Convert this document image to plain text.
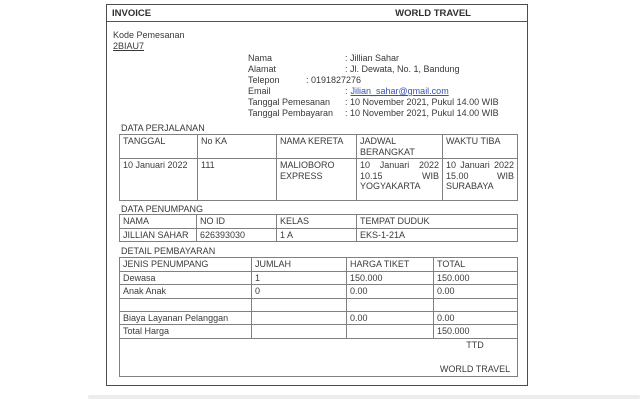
INVOICE	WORLD TRAVEL
Kode Pemesanan
2BIAU7
Nama	: Jillian Sahar
Alamat	: Jl. Dewata, No. 1, Bandung
Telepon	: 0191827276
Email	: Jilian_sahar@gmail.com
Tanggal Pemesanan : 10 November 2021, Pukul 14.00 WIB
Tanggal Pembayaran : 10 November 2021, Pukul 14.00 WIB
DATA PERJALANAN
TANGGAL	No KA	NAMA KERETA	JADWAL BERANGKAT	WAKTU TIBA
10 Januari 2022	111	MALIOBORO EXPRESS	10 Januari 2022 10.15 WIB YOGYAKARTA	10 Januari 2022 15.00 WIB SURABAYA
DATA PENUMPANG
NAMA	NO ID	KELAS	TEMPAT DUDUK
JILLIAN SAHAR	626393030	1 A	EKS-1-21A
DETAIL PEMBAYARAN
JENIS PENUMPANG	JUMLAH	HARGA TIKET	TOTAL
Dewasa	1	150.000	150.000
Anak Anak	0	0.00	0.00

Biaya Layanan Pelanggan		0.00	0.00
Total Harga			150.000

TTD
WORLD TRAVEL			
